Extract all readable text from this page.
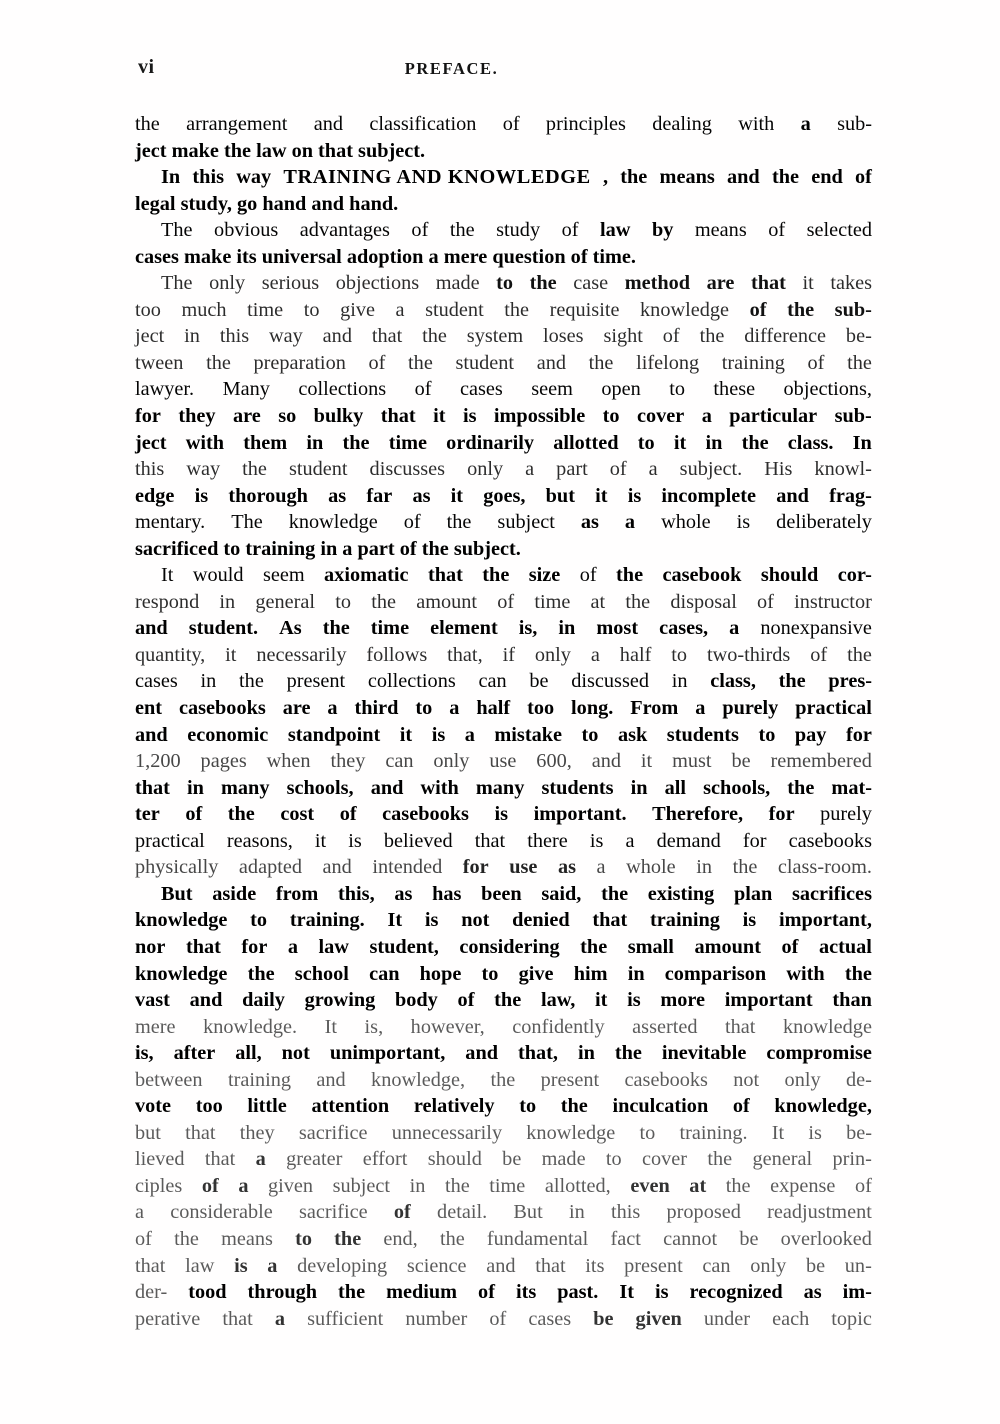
vi	PREFACE.
the arrangement and classification of principles dealing with a sub-
ject make the law on that subject.
In this way TRAINING AND KNOWLEDGE , the means and the end of
legal study, go hand and hand.
The obvious advantages of the study of law by means of selected
cases make its universal adoption a mere question of time.
The only serious objections made to the case method are that it takes
too much time to give a student the requisite knowledge of the sub-
ject in this way and that the system loses sight of the difference be-
tween the preparation of the student and the lifelong training of the
lawyer. Many collections of cases seem open to these objections,
for they are so bulky that it is impossible to cover a particular sub-
ject with them in the time ordinarily allotted to it in the class. In
this way the student discusses only a part of a subject. His knowl-
edge is thorough as far as it goes, but it is incomplete and frag-
mentary. The knowledge of the subject as a whole is deliberately
sacrificed to training in a part of the subject.
It would seem axiomatic that the size of the casebook should cor-
respond in general to the amount of time at the disposal of instructor
and student. As the time element is, in most cases, a nonexpansive
quantity, it necessarily follows that, if only a half to two-thirds of the
cases in the present collections can be discussed in class, the pres-
ent casebooks are a third to a half too long. From a purely practical
and economic standpoint it is a mistake to ask students to pay for
1,200 pages when they can only use 600, and it must be remembered
that in many schools, and with many students in all schools, the mat-
ter of the cost of casebooks is important. Therefore, for purely
practical reasons, it is believed that there is a demand for casebooks
physically adapted and intended for use as a whole in the class-room.
But aside from this, as has been said, the existing plan sacrifices
knowledge to training. It is not denied that training is important,
nor that for a law student, considering the small amount of actual
knowledge the school can hope to give him in comparison with the
vast and daily growing body of the law, it is more important than
mere knowledge. It is, however, confidently asserted that knowledge
is, after all, not unimportant, and that, in the inevitable compromise
between training and knowledge, the present casebooks not only de-
vote too little attention relatively to the inculcation of knowledge,
but that they sacrifice unnecessarily knowledge to training. It is be-
lieved that a greater effort should be made to cover the general prin-
ciples of a given subject in the time allotted, even at the expense of
a considerable sacrifice of detail. But in this proposed readjustment
of the means to the end, the fundamental fact cannot be overlooked
that law is a developing science and that its present can only be un-
der- tood through the medium of its past. It is recognized as im-
perative that a sufficient number of cases be given under each topic
